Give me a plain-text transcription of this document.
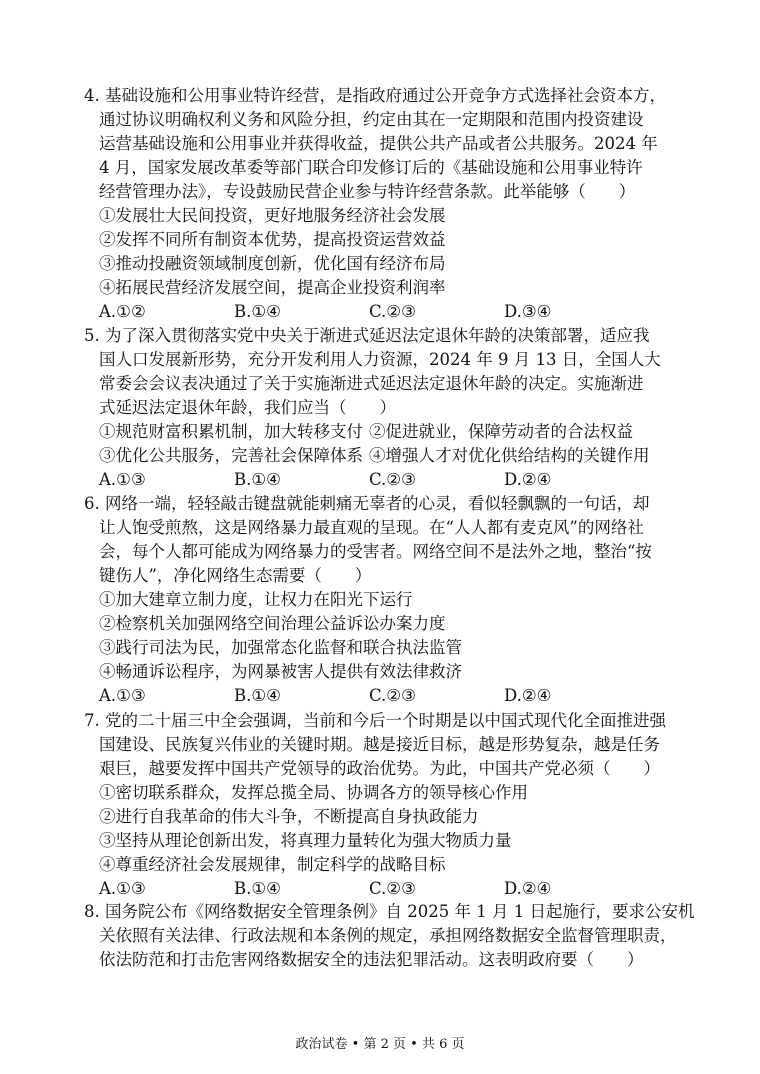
4. 基础设施和公用事业特许经营，是指政府通过公开竞争方式选择社会资本方，
通过协议明确权利义务和风险分担，约定由其在一定期限和范围内投资建设
运营基础设施和公用事业并获得收益，提供公共产品或者公共服务。2024 年
4 月，国家发展改革委等部门联合印发修订后的《基础设施和公用事业特许
经营管理办法》，专设鼓励民营企业参与特许经营条款。此举能够（　　）
①发展壮大民间投资，更好地服务经济社会发展
②发挥不同所有制资本优势，提高投资运营效益
③推动投融资领域制度创新，优化国有经济布局
④拓展民营经济发展空间，提高企业投资利润率
A.①②	B.①④	C.②③	D.③④
5. 为了深入贯彻落实党中央关于渐进式延迟法定退休年龄的决策部署，适应我
国人口发展新形势，充分开发利用人力资源，2024 年 9 月 13 日，全国人大
常委会会议表决通过了关于实施渐进式延迟法定退休年龄的决定。实施渐进
式延迟法定退休年龄，我们应当（　　）
①规范财富积累机制，加大转移支付 ②促进就业，保障劳动者的合法权益
③优化公共服务，完善社会保障体系 ④增强人才对优化供给结构的关键作用
A.①③	B.①④	C.②③	D.②④
6. 网络一端，轻轻敲击键盘就能刺痛无辜者的心灵，看似轻飘飘的一句话，却
让人饱受煎熬，这是网络暴力最直观的呈现。在“人人都有麦克风”的网络社
会，每个人都可能成为网络暴力的受害者。网络空间不是法外之地，整治“按
键伤人”，净化网络生态需要（　　）
①加大建章立制力度，让权力在阳光下运行
②检察机关加强网络空间治理公益诉讼办案力度
③践行司法为民，加强常态化监督和联合执法监管
④畅通诉讼程序，为网暴被害人提供有效法律救济
A.①③	B.①④	C.②③	D.②④
7. 党的二十届三中全会强调，当前和今后一个时期是以中国式现代化全面推进强
国建设、民族复兴伟业的关键时期。越是接近目标，越是形势复杂，越是任务
艰巨，越要发挥中国共产党领导的政治优势。为此，中国共产党必须（　　）
①密切联系群众，发挥总揽全局、协调各方的领导核心作用
②进行自我革命的伟大斗争，不断提高自身执政能力
③坚持从理论创新出发，将真理力量转化为强大物质力量
④尊重经济社会发展规律，制定科学的战略目标
A.①③	B.①④	C.②③	D.②④
8. 国务院公布《网络数据安全管理条例》自 2025 年 1 月 1 日起施行，要求公安机
关依照有关法律、行政法规和本条例的规定，承担网络数据安全监督管理职责，
依法防范和打击危害网络数据安全的违法犯罪活动。这表明政府要（　　）
政治试卷 • 第 2 页 • 共 6 页
